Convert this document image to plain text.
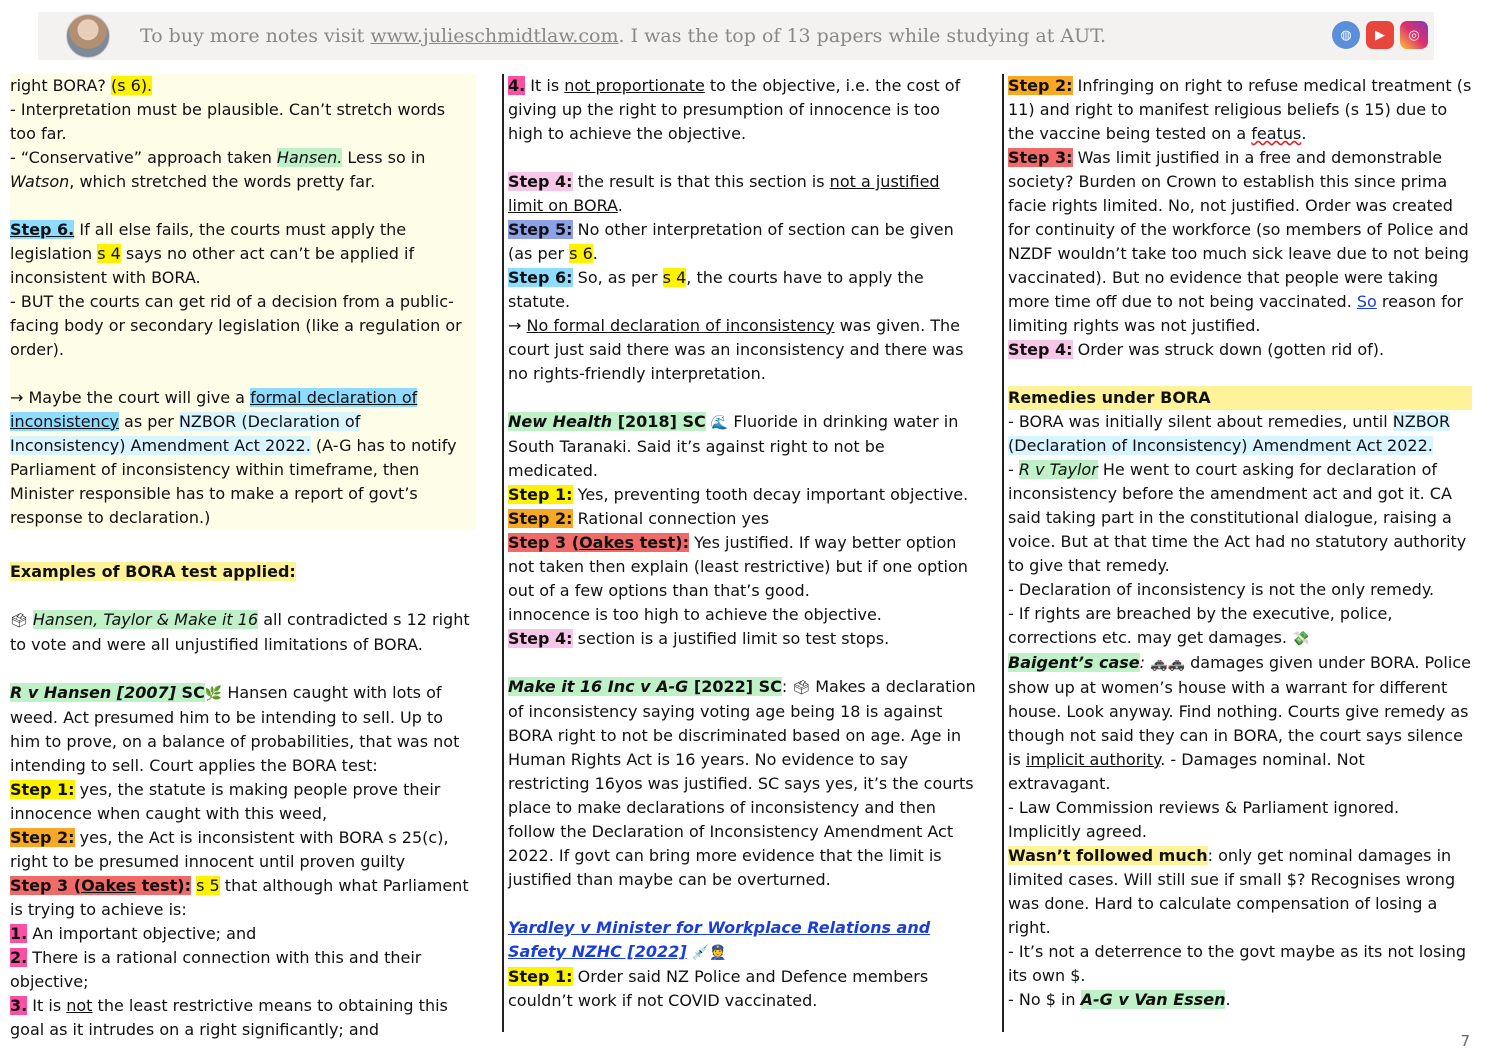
To buy more notes visit www.julieschmidtlaw.com. I was the top of 13 papers while studying at AUT.	◍	▶	◎

right BORA? (s 6).

- Interpretation must be plausible. Can’t stretch words too far.

- “Conservative” approach taken Hansen. Less so in Watson, which stretched the words pretty far.

Step 6. If all else fails, the courts must apply the legislation s 4 says no other act can’t be applied if inconsistent with BORA.

- BUT the courts can get rid of a decision from a public-facing body or secondary legislation (like a regulation or order).

→ Maybe the court will give a formal declaration of inconsistency as per NZBOR (Declaration of Inconsistency) Amendment Act 2022. (A-G has to notify Parliament of inconsistency within timeframe, then Minister responsible has to make a report of govt’s response to declaration.)

Examples of BORA test applied:

🗳 Hansen, Taylor & Make it 16 all contradicted s 12 right to vote and were all unjustified limitations of BORA.

R v Hansen [2007] SC🌿 Hansen caught with lots of weed. Act presumed him to be intending to sell. Up to him to prove, on a balance of probabilities, that was not intending to sell. Court applies the BORA test:

Step 1: yes, the statute is making people prove their innocence when caught with this weed,

Step 2: yes, the Act is inconsistent with BORA s 25(c), right to be presumed innocent until proven guilty

Step 3 (Oakes test): s 5 that although what Parliament is trying to achieve is:

1. An important objective; and

2. There is a rational connection with this and their objective;

3. It is not the least restrictive means to obtaining this goal as it intrudes on a right significantly; and

4. It is not proportionate to the objective, i.e. the cost of giving up the right to presumption of innocence is too high to achieve the objective.

Step 4: the result is that this section is not a justified limit on BORA.

Step 5: No other interpretation of section can be given (as per s 6.

Step 6: So, as per s 4, the courts have to apply the statute.

→ No formal declaration of inconsistency was given. The court just said there was an inconsistency and there was no rights-friendly interpretation.

New Health [2018] SC 🌊 Fluoride in drinking water in South Taranaki. Said it’s against right to not be medicated.

Step 1: Yes, preventing tooth decay important objective.

Step 2: Rational connection yes

Step 3 (Oakes test): Yes justified. If way better option not taken then explain (least restrictive) but if one option out of a few options than that’s good.

innocence is too high to achieve the objective.

Step 4: section is a justified limit so test stops.

Make it 16 Inc v A-G [2022] SC: 🗳 Makes a declaration of inconsistency saying voting age being 18 is against BORA right to not be discriminated based on age. Age in Human Rights Act is 16 years. No evidence to say restricting 16yos was justified. SC says yes, it’s the courts place to make declarations of inconsistency and then follow the Declaration of Inconsistency Amendment Act 2022. If govt can bring more evidence that the limit is justified than maybe can be overturned.

Yardley v Minister for Workplace Relations and Safety NZHC [2022] 💉👮

Step 1: Order said NZ Police and Defence members couldn’t work if not COVID vaccinated.

Step 2: Infringing on right to refuse medical treatment (s 11) and right to manifest religious beliefs (s 15) due to the vaccine being tested on a featus.

Step 3: Was limit justified in a free and demonstrable society? Burden on Crown to establish this since prima facie rights limited. No, not justified. Order was created for continuity of the workforce (so members of Police and NZDF wouldn’t take too much sick leave due to not being vaccinated). But no evidence that people were taking more time off due to not being vaccinated. So reason for limiting rights was not justified.

Step 4: Order was struck down (gotten rid of).

Remedies under BORA

- BORA was initially silent about remedies, until NZBOR (Declaration of Inconsistency) Amendment Act 2022.

- R v Taylor He went to court asking for declaration of inconsistency before the amendment act and got it. CA said taking part in the constitutional dialogue, raising a voice. But at that time the Act had no statutory authority to give that remedy.

- Declaration of inconsistency is not the only remedy.

- If rights are breached by the executive, police, corrections etc. may get damages. 💸

Baigent’s case: 🚓🚓 damages given under BORA. Police show up at women’s house with a warrant for different house. Look anyway. Find nothing. Courts give remedy as though not said they can in BORA, the court says silence is implicit authority. - Damages nominal. Not extravagant.

- Law Commission reviews & Parliament ignored. Implicitly agreed.

Wasn’t followed much: only get nominal damages in limited cases. Will still sue if small $? Recognises wrong was done. Hard to calculate compensation of losing a right.

- It’s not a deterrence to the govt maybe as its not losing its own $.

- No $ in A-G v Van Essen.

7
